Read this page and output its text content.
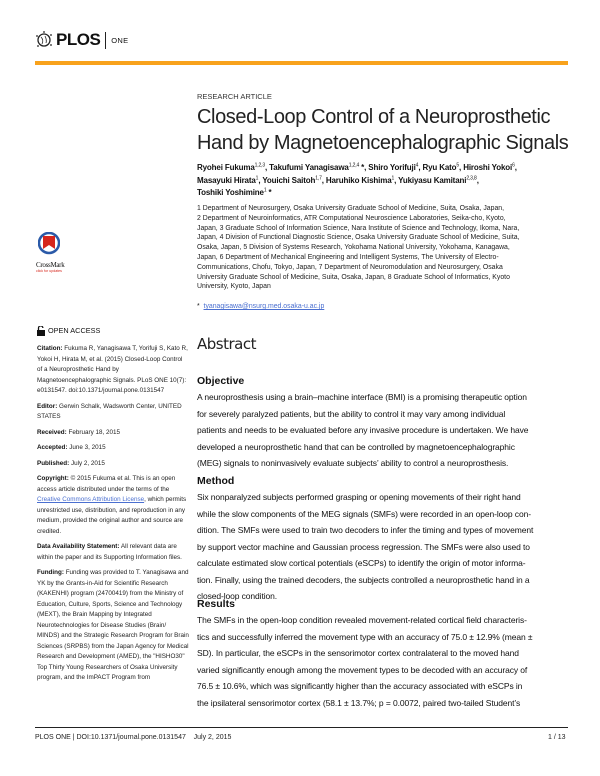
PLOS ONE
RESEARCH ARTICLE
Closed-Loop Control of a Neuroprosthetic
Hand by Magnetoencephalographic Signals
Ryohei Fukuma$^{1,2,3}$, Takufumi Yanagisawa$^{1,2,4}$ *, Shiro Yorifuji$^4$, Ryu Kato$^5$, Hiroshi Yokoi$^6$,
Masayuki Hirata$^1$, Youichi Saitoh$^{1,7}$, Haruhiko Kishima$^1$, Yukiyasu Kamitani$^{2,3,8}$,
Toshiki Yoshimine$^1$ *
1 Department of Neurosurgery, Osaka University Graduate School of Medicine, Suita, Osaka, Japan,
2 Department of Neuroinformatics, ATR Computational Neuroscience Laboratories, Seika-cho, Kyoto,
Japan, 3 Graduate School of Information Science, Nara Institute of Science and Technology, Ikoma, Nara,
Japan, 4 Division of Functional Diagnostic Science, Osaka University Graduate School of Medicine, Suita,
Osaka, Japan, 5 Division of Systems Research, Yokohama National University, Yokohama, Kanagawa,
Japan, 6 Department of Mechanical Engineering and Intelligent Systems, The University of Electro-
Communications, Chofu, Tokyo, Japan, 7 Department of Neuromodulation and Neurosurgery, Osaka
University Graduate School of Medicine, Suita, Osaka, Japan, 8 Graduate School of Informatics, Kyoto
University, Kyoto, Japan
* tyanagisawa@nsurg.med.osaka-u.ac.jp
CrossMark
click for updates
OPEN ACCESS
Citation: Fukuma R, Yanagisawa T, Yorifuji S, Kato R, Yokoi H, Hirata M, et al. (2015) Closed-Loop Control of a Neuroprosthetic Hand by Magnetoencephalographic Signals. PLoS ONE 10(7): e0131547. doi:10.1371/journal.pone.0131547
Editor: Gerwin Schalk, Wadsworth Center, UNITED STATES
Received: February 18, 2015
Accepted: June 3, 2015
Published: July 2, 2015
Copyright: © 2015 Fukuma et al. This is an open access article distributed under the terms of the Creative Commons Attribution License, which permits unrestricted use, distribution, and reproduction in any medium, provided the original author and source are credited.
Data Availability Statement: All relevant data are within the paper and its Supporting Information files.
Funding: Funding was provided to T. Yanagisawa and YK by the Grants-in-Aid for Scientific Research (KAKENHI) program (24700419) from the Ministry of Education, Culture, Sports, Science and Technology (MEXT), the Brain Mapping by Integrated Neurotechnologies for Disease Studies (Brain/ MINDS) and the Strategic Research Program for Brain Sciences (SRPBS) from the Japan Agency for Medical Research and Development (AMED), the "HISHO30" Top Thirty Young Researchers of Osaka University program, and the ImPACT Program from
Abstract
Objective
A neuroprosthesis using a brain–machine interface (BMI) is a promising therapeutic option
for severely paralyzed patients, but the ability to control it may vary among individual
patients and needs to be evaluated before any invasive procedure is undertaken. We have
developed a neuroprosthetic hand that can be controlled by magnetoencephalographic
(MEG) signals to noninvasively evaluate subjects’ ability to control a neuroprosthesis.
Method
Six nonparalyzed subjects performed grasping or opening movements of their right hand
while the slow components of the MEG signals (SMFs) were recorded in an open-loop con-
dition. The SMFs were used to train two decoders to infer the timing and types of movement
by support vector machine and Gaussian process regression. The SMFs were also used to
calculate estimated slow cortical potentials (eSCPs) to identify the origin of motor informa-
tion. Finally, using the trained decoders, the subjects controlled a neuroprosthetic hand in a
closed-loop condition.
Results
The SMFs in the open-loop condition revealed movement-related cortical field characteris-
tics and successfully inferred the movement type with an accuracy of 75.0 ± 12.9% (mean ±
SD). In particular, the eSCPs in the sensorimotor cortex contralateral to the moved hand
varied significantly enough among the movement types to be decoded with an accuracy of
76.5 ± 10.6%, which was significantly higher than the accuracy associated with eSCPs in
the ipsilateral sensorimotor cortex (58.1 ± 13.7%; p = 0.0072, paired two-tailed Student’s
PLOS ONE | DOI:10.1371/journal.pone.0131547    July 2, 2015	1 / 13
